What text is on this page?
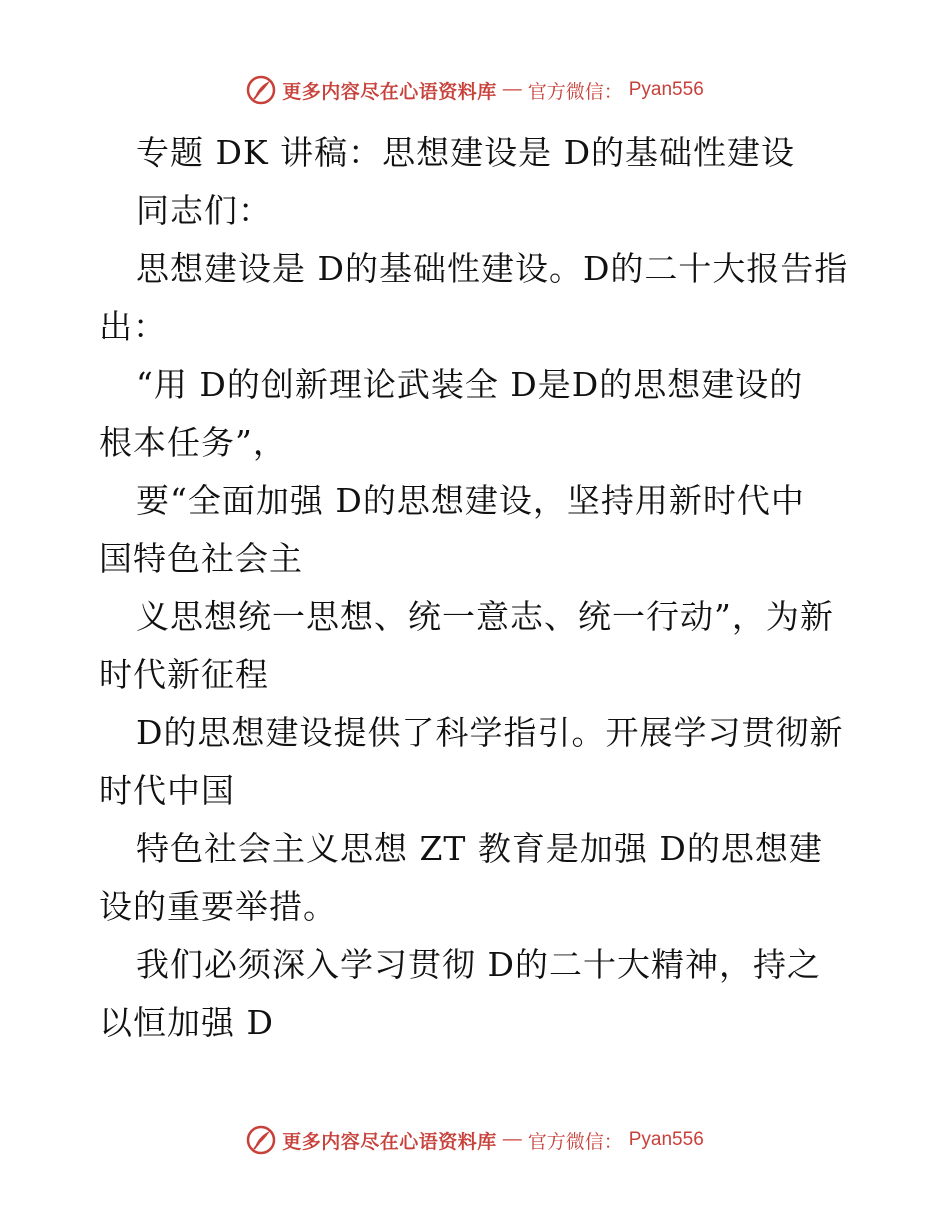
更多内容尽在心语资料库 — 官方微信： Pyan556
专题 DK 讲稿：思想建设是 D的基础性建设
同志们：
思想建设是 D的基础性建设。D的二十大报告指
出：
“用 D的创新理论武装全 D是D的思想建设的
根本任务”，
要“全面加强 D的思想建设，坚持用新时代中
国特色社会主
义思想统一思想、统一意志、统一行动”，为新
时代新征程
D的思想建设提供了科学指引。开展学习贯彻新
时代中国
特色社会主义思想 ZT 教育是加强 D的思想建
设的重要举措。
我们必须深入学习贯彻 D的二十大精神，持之
以恒加强 D
更多内容尽在心语资料库 — 官方微信： Pyan556
